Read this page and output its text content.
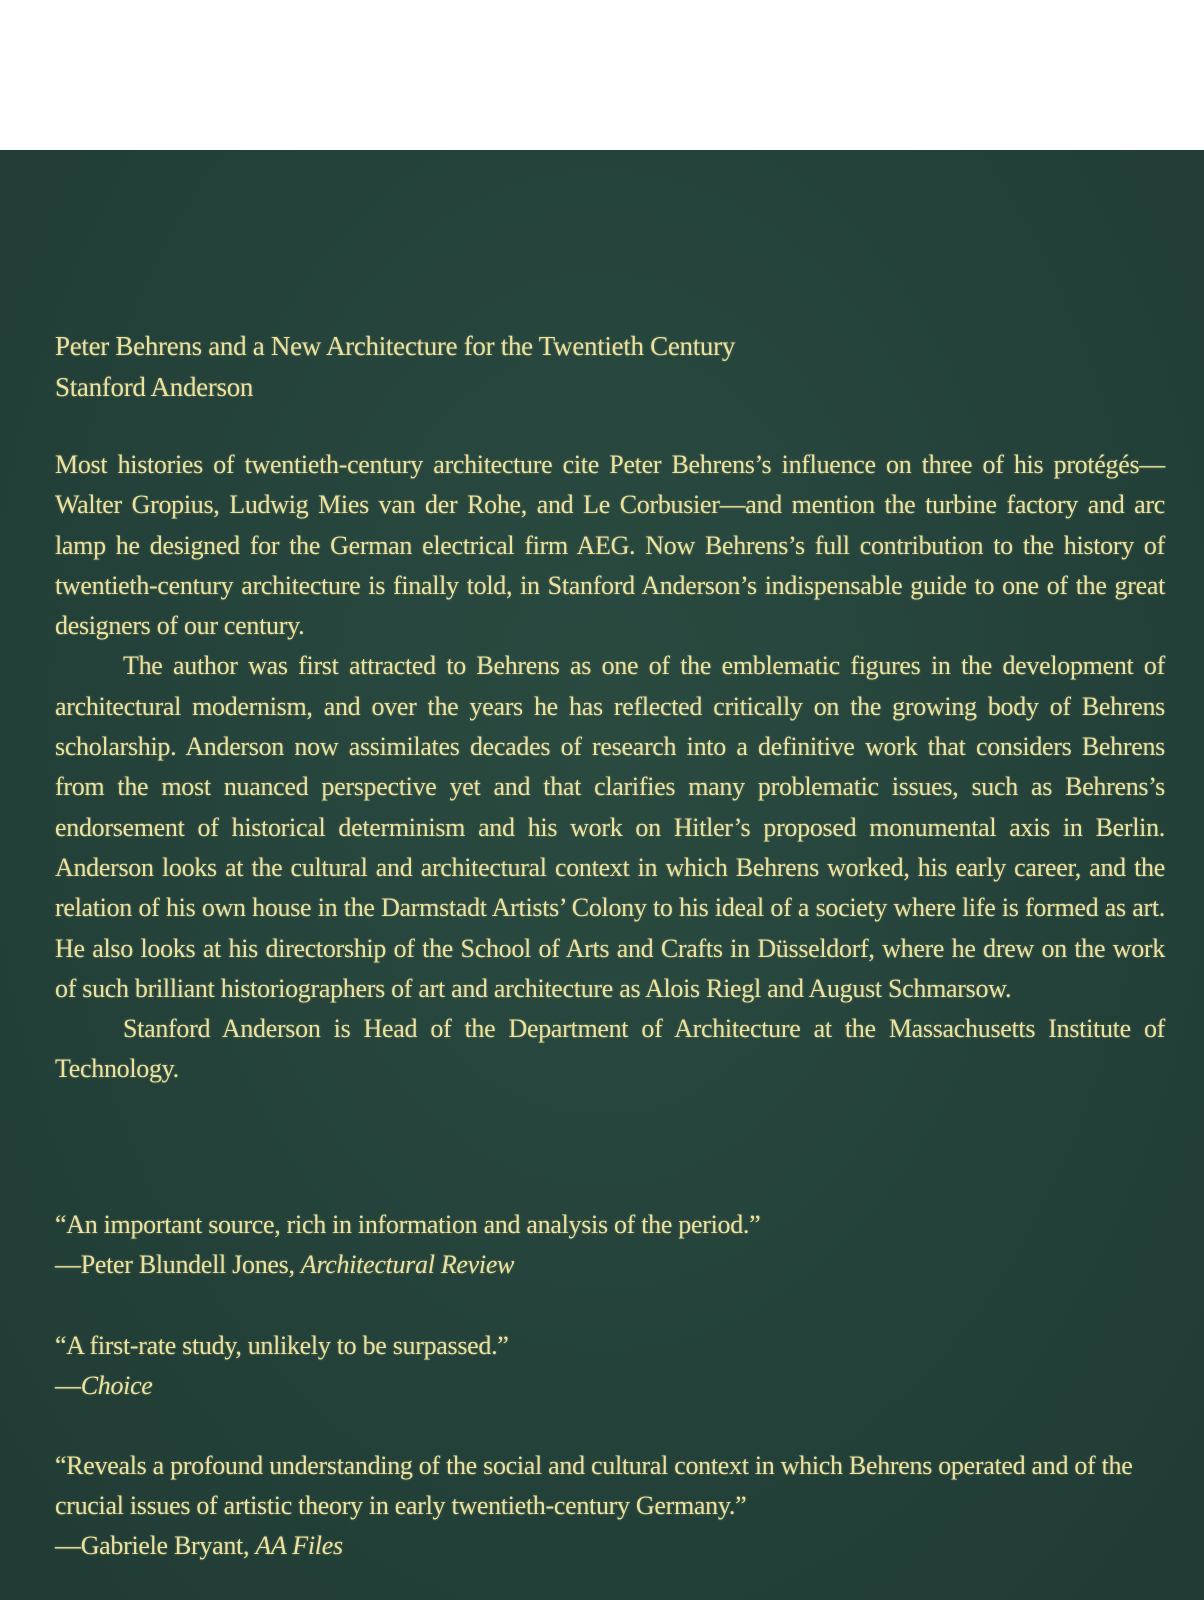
Peter Behrens and a New Architecture for the Twentieth Century
Stanford Anderson

Most histories of twentieth-century architecture cite Peter Behrens’s influence on three of his protégés—Walter Gropius, Ludwig Mies van der Rohe, and Le Corbusier—and mention the turbine factory and arc lamp he designed for the German electrical firm AEG. Now Behrens’s full contribution to the history of twentieth-century architecture is finally told, in Stanford Anderson’s indispensable guide to one of the great designers of our century.

The author was first attracted to Behrens as one of the emblematic figures in the development of architectural modernism, and over the years he has reflected critically on the growing body of Behrens scholarship. Anderson now assimilates decades of research into a definitive work that considers Behrens from the most nuanced perspective yet and that clarifies many problematic issues, such as Behrens’s endorsement of historical determinism and his work on Hitler’s proposed monumental axis in Berlin. Anderson looks at the cultural and architectural context in which Behrens worked, his early career, and the relation of his own house in the Darmstadt Artists’ Colony to his ideal of a society where life is formed as art. He also looks at his directorship of the School of Arts and Crafts in Düsseldorf, where he drew on the work of such brilliant historiographers of art and architecture as Alois Riegl and August Schmarsow.

Stanford Anderson is Head of the Department of Architecture at the Massachusetts Institute of Technology.

“An important source, rich in information and analysis of the period.”
—Peter Blundell Jones, Architectural Review
“A first-rate study, unlikely to be surpassed.”
—Choice
“Reveals a profound understanding of the social and cultural context in which Behrens operated and of the crucial issues of artistic theory in early twentieth-century Germany.”
—Gabriele Bryant, AA Files
